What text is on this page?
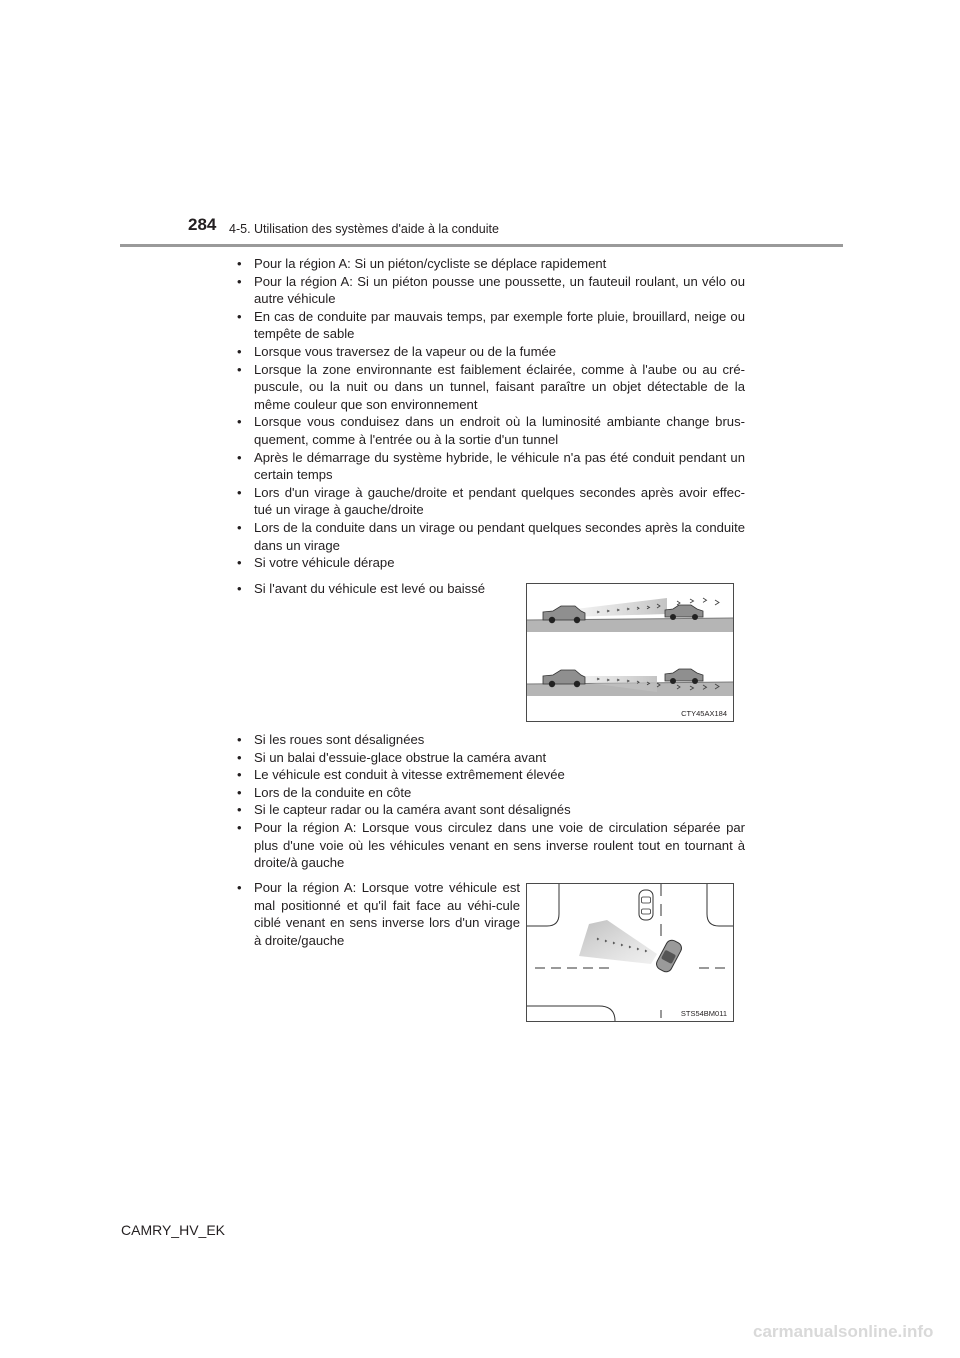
284 4-5. Utilisation des systèmes d'aide à la conduite
• Pour la région A: Si un piéton/cycliste se déplace rapidement
• Pour la région A: Si un piéton pousse une poussette, un fauteuil roulant, un vélo ou autre véhicule
• En cas de conduite par mauvais temps, par exemple forte pluie, brouillard, neige ou tempête de sable
• Lorsque vous traversez de la vapeur ou de la fumée
• Lorsque la zone environnante est faiblement éclairée, comme à l'aube ou au cré-puscule, ou la nuit ou dans un tunnel, faisant paraître un objet détectable de la même couleur que son environnement
• Lorsque vous conduisez dans un endroit où la luminosité ambiante change brus-quement, comme à l'entrée ou à la sortie d'un tunnel
• Après le démarrage du système hybride, le véhicule n'a pas été conduit pendant un certain temps
• Lors d'un virage à gauche/droite et pendant quelques secondes après avoir effec-tué un virage à gauche/droite
• Lors de la conduite dans un virage ou pendant quelques secondes après la conduite dans un virage
• Si votre véhicule dérape
• Si l'avant du véhicule est levé ou baissé
CTY45AX184
• Si les roues sont désalignées
• Si un balai d'essuie-glace obstrue la caméra avant
• Le véhicule est conduit à vitesse extrêmement élevée
• Lors de la conduite en côte
• Si le capteur radar ou la caméra avant sont désalignés
• Pour la région A: Lorsque vous circulez dans une voie de circulation séparée par plus d'une voie où les véhicules venant en sens inverse roulent tout en tournant à droite/à gauche
• Pour la région A: Lorsque votre véhicule est mal positionné et qu'il fait face au véhi-cule ciblé venant en sens inverse lors d'un virage à droite/gauche
STS54BM011
CAMRY_HV_EK
carmanualsonline.info
